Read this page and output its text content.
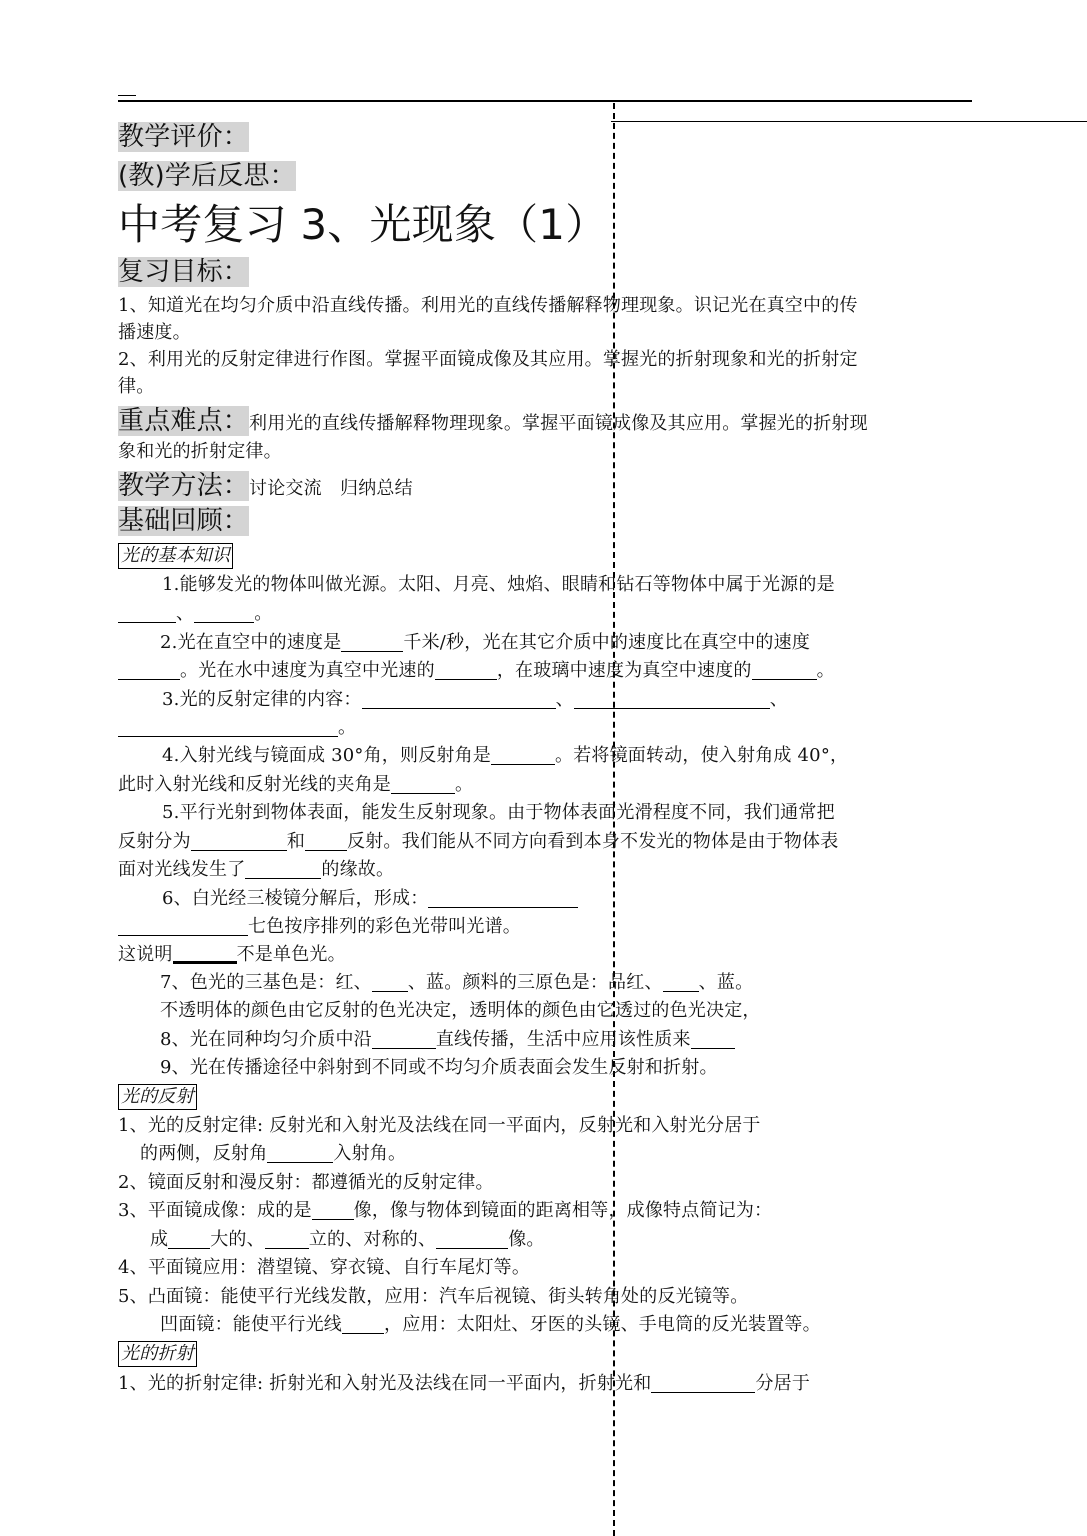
教学评价：
(教)学后反思：
中考复习 3、光现象（1）
复习目标：
1、知道光在均匀介质中沿直线传播。利用光的直线传播解释物理现象。识记光在真空中的传
播速度。
2、利用光的反射定律进行作图。掌握平面镜成像及其应用。掌握光的折射现象和光的折射定
律。
重点难点：利用光的直线传播解释物理现象。掌握平面镜成像及其应用。掌握光的折射现
象和光的折射定律。
教学方法：讨论交流　归纳总结
基础回顾：
光的基本知识
1.能够发光的物体叫做光源。太阳、月亮、烛焰、眼睛和钻石等物体中属于光源的是
、	。
2.光在直空中的速度是	千米/秒，光在其它介质中的速度比在真空中的速度
。光在水中速度为真空中光速的	，在玻璃中速度为真空中速度的	。
3.光的反射定律的内容：	、	、
。
4.入射光线与镜面成 30°角，则反射角是	。若将镜面转动，使入射角成 40°，
此时入射光线和反射光线的夹角是	。
5.平行光射到物体表面，能发生反射现象。由于物体表面光滑程度不同，我们通常把
反射分为	和 反射。我们能从不同方向看到本身不发光的物体是由于物体表
面对光线发生了	的缘故。
6、白光经三棱镜分解后，形成：
七色按序排列的彩色光带叫光谱。
这说明	不是单色光。
7、色光的三基色是：红、 、蓝。颜料的三原色是：品红、 、蓝。
不透明体的颜色由它反射的色光决定，透明体的颜色由它透过的色光决定，
8、光在同种均匀介质中沿	直线传播，生活中应用该性质来
9、光在传播途径中斜射到不同或不均匀介质表面会发生反射和折射。
光的反射
1、光的反射定律: 反射光和入射光及法线在同一平面内，反射光和入射光分居于
的两侧，反射角	入射角。
2、镜面反射和漫反射：都遵循光的反射定律。
3、平面镜成像：成的是 像，像与物体到镜面的距离相等，成像特点简记为：
成 大的、 立的、对称的、	像。
4、平面镜应用：潜望镜、穿衣镜、自行车尾灯等。
5、凸面镜：能使平行光线发散，应用：汽车后视镜、街头转角处的反光镜等。
凹面镜：能使平行光线 ，应用：太阳灶、牙医的头镜、手电筒的反光装置等。
光的折射
1、光的折射定律: 折射光和入射光及法线在同一平面内，折射光和	分居于
